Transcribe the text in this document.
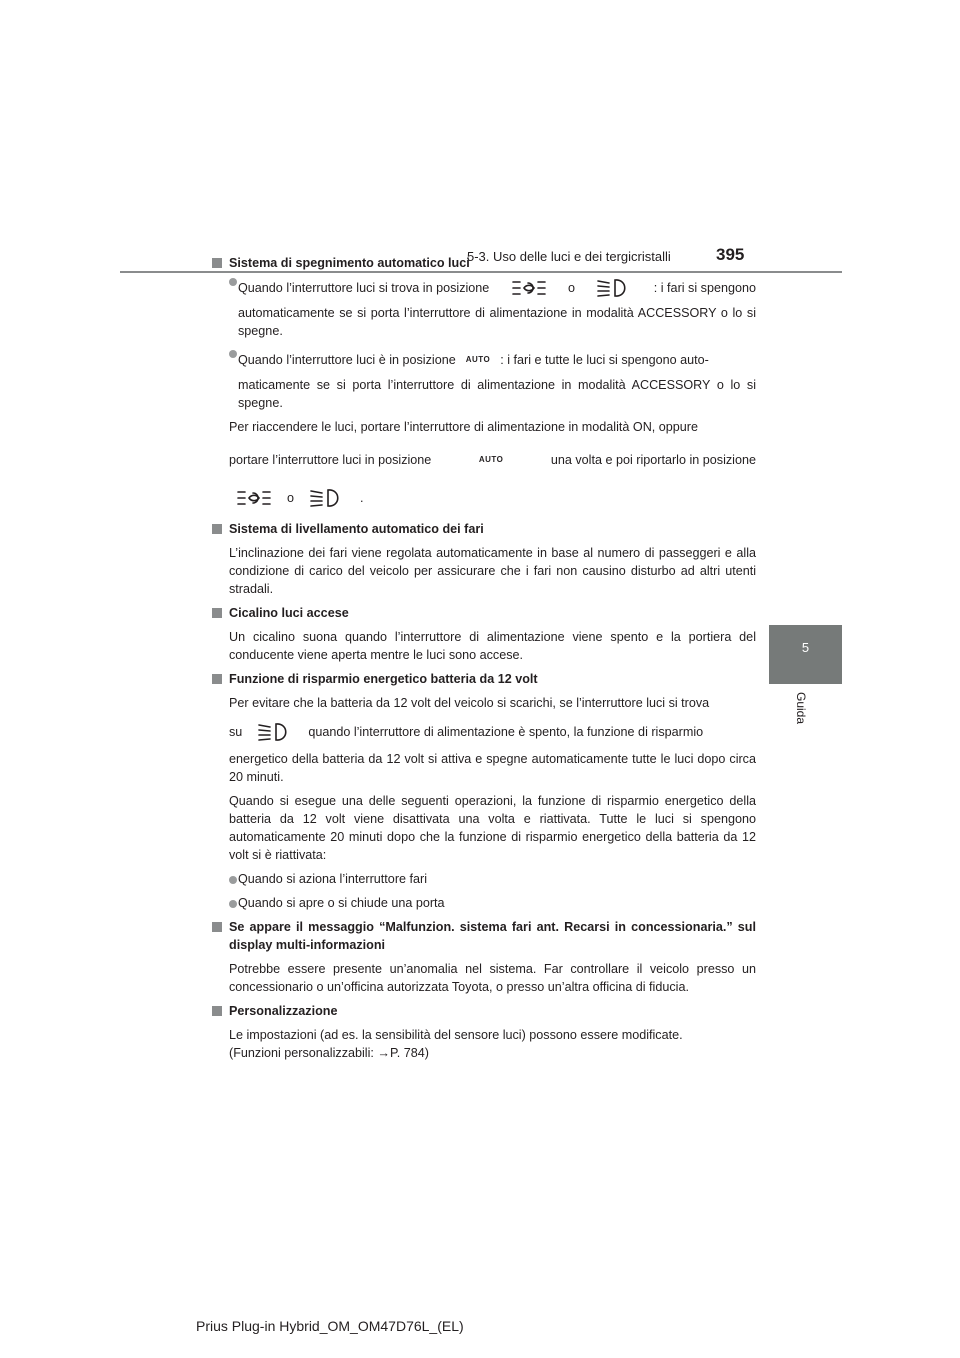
5-3. Uso delle luci e dei tergicristalli	395
5
Guida
Sistema di spegnimento automatico luci
Quando l’interruttore luci si trova in posizione	o	: i fari si spengono
automaticamente se si porta l’interruttore di alimentazione in modalità ACCESSORY o lo si spegne.
Quando l’interruttore luci è in posizione	AUTO : i fari e tutte le luci si spengono auto-
maticamente se si porta l’interruttore di alimentazione in modalità ACCESSORY o lo si spegne.
Per riaccendere le luci, portare l’interruttore di alimentazione in modalità ON, oppure
portare l’interruttore luci in posizione	AUTO	una volta e poi riportarlo in posizione
o	.
Sistema di livellamento automatico dei fari
L’inclinazione dei fari viene regolata automaticamente in base al numero di passeggeri e alla condizione di carico del veicolo per assicurare che i fari non causino disturbo ad altri utenti stradali.
Cicalino luci accese
Un cicalino suona quando l’interruttore di alimentazione viene spento e la portiera del conducente viene aperta mentre le luci sono accese.
Funzione di risparmio energetico batteria da 12 volt
Per evitare che la batteria da 12 volt del veicolo si scarichi, se l’interruttore luci si trova
su	quando l’interruttore di alimentazione è spento, la funzione di risparmio
energetico della batteria da 12 volt si attiva e spegne automaticamente tutte le luci dopo circa 20 minuti.
Quando si esegue una delle seguenti operazioni, la funzione di risparmio energetico della batteria da 12 volt viene disattivata una volta e riattivata. Tutte le luci si spengono automaticamente 20 minuti dopo che la funzione di risparmio energetico della batteria da 12 volt si è riattivata:
Quando si aziona l’interruttore fari
Quando si apre o si chiude una porta
Se appare il messaggio “Malfunzion. sistema fari ant. Recarsi in concessionaria.” sul display multi-informazioni
Potrebbe essere presente un’anomalia nel sistema. Far controllare il veicolo presso un concessionario o un’officina autorizzata Toyota, o presso un’altra officina di fiducia.
Personalizzazione
Le impostazioni (ad es. la sensibilità del sensore luci) possono essere modificate.
(Funzioni personalizzabili: →P. 784)
Prius Plug-in Hybrid_OM_OM47D76L_(EL)
